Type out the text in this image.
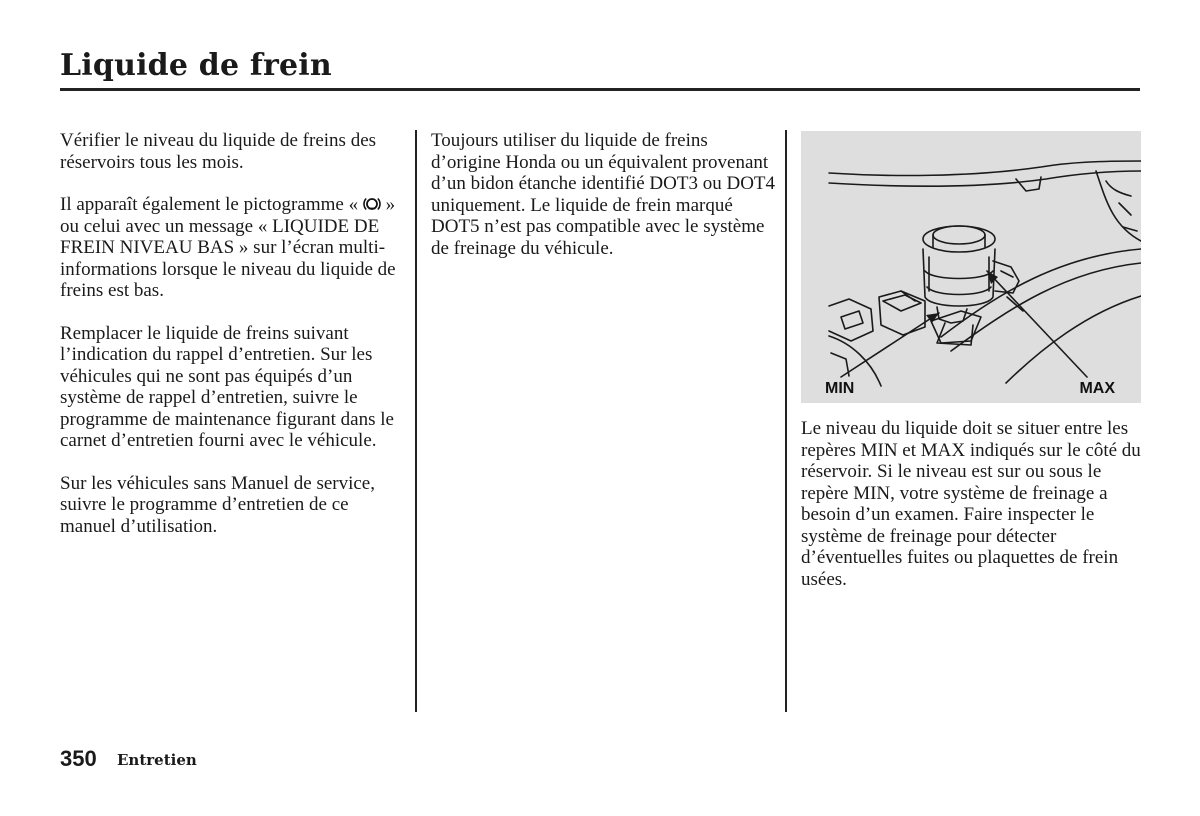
Liquide de frein

Vérifier le niveau du liquide de freins des réservoirs tous les mois.

Il apparaît également le pictogramme «  » ou celui avec un message « LIQUIDE DE FREIN NIVEAU BAS » sur l’écran multi-informations lorsque le niveau du liquide de freins est bas.

Remplacer le liquide de freins suivant l’indication du rappel d’entretien. Sur les véhicules qui ne sont pas équipés d’un système de rappel d’entretien, suivre le programme de maintenance figurant dans le carnet d’entretien fourni avec le véhicule.

Sur les véhicules sans Manuel de service, suivre le programme d’entretien de ce manuel d’utilisation.

Toujours utiliser du liquide de freins d’origine Honda ou un équivalent provenant d’un bidon étanche identifié DOT3 ou DOT4 uniquement. Le liquide de frein marqué DOT5 n’est pas compatible avec le système de freinage du véhicule.

MIN	MAX

Le niveau du liquide doit se situer entre les repères MIN et MAX indiqués sur le côté du réservoir. Si le niveau est sur ou sous le repère MIN, votre système de freinage a besoin d’un examen. Faire inspecter le système de freinage pour détecter d’éventuelles fuites ou plaquettes de frein usées.

350 Entretien
